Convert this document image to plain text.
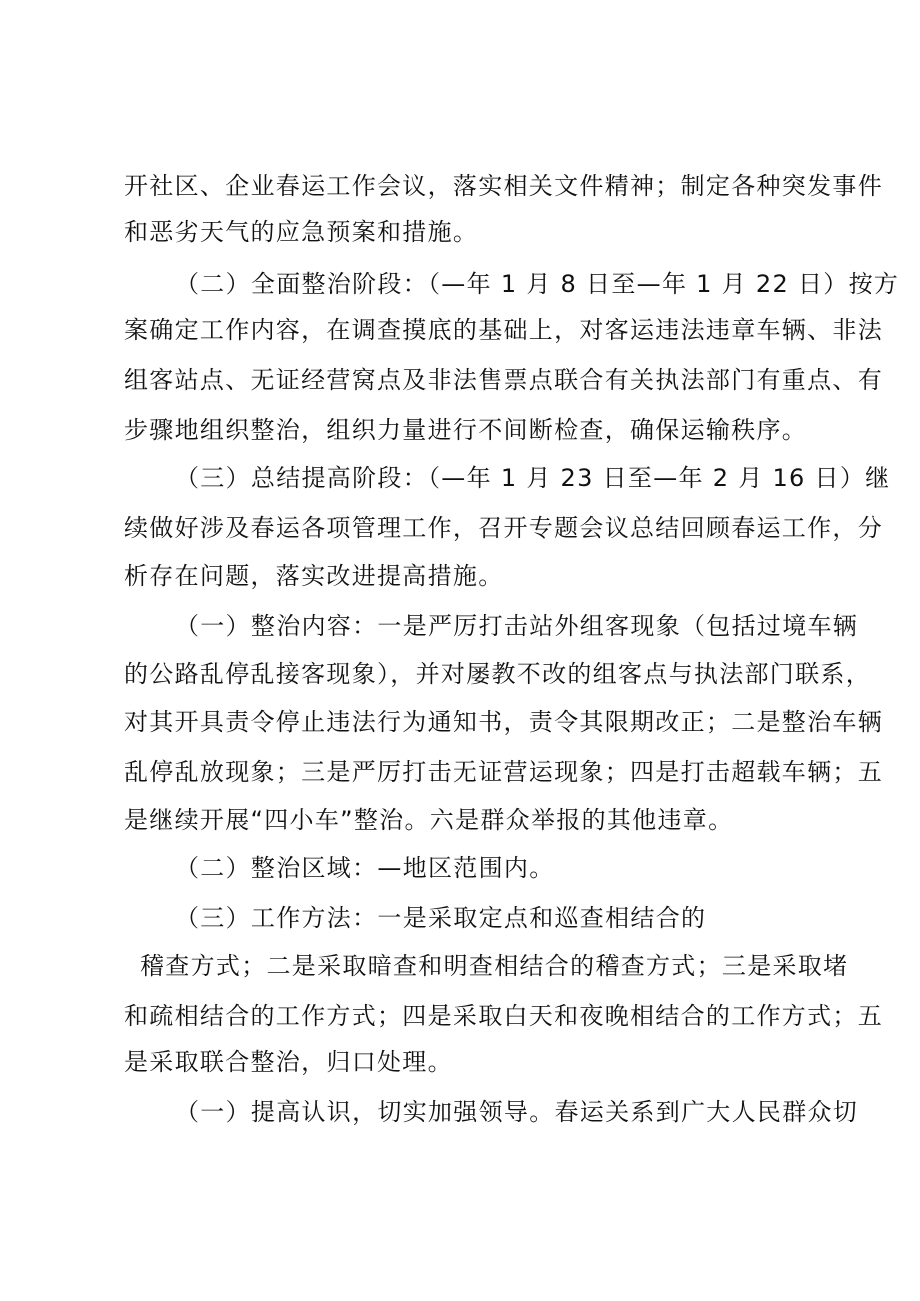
开社区、企业春运工作会议，落实相关文件精神；制定各种突发事件
和恶劣天气的应急预案和措施。
（二）全面整治阶段：（—年 1 月 8 日至—年 1 月 22 日）按方
案确定工作内容，在调查摸底的基础上，对客运违法违章车辆、非法
组客站点、无证经营窝点及非法售票点联合有关执法部门有重点、有
步骤地组织整治，组织力量进行不间断检查，确保运输秩序。
（三）总结提高阶段：（—年 1 月 23 日至—年 2 月 16 日）继
续做好涉及春运各项管理工作，召开专题会议总结回顾春运工作，分
析存在问题，落实改进提高措施。
（一）整治内容：一是严厉打击站外组客现象（包括过境车辆
的公路乱停乱接客现象），并对屡教不改的组客点与执法部门联系，
对其开具责令停止违法行为通知书，责令其限期改正；二是整治车辆
乱停乱放现象；三是严厉打击无证营运现象；四是打击超载车辆；五
是继续开展“四小车”整治。六是群众举报的其他违章。
（二）整治区域：—地区范围内。
（三）工作方法：一是采取定点和巡查相结合的
稽查方式；二是采取暗查和明查相结合的稽查方式；三是采取堵
和疏相结合的工作方式；四是采取白天和夜晚相结合的工作方式；五
是采取联合整治，归口处理。
（一）提高认识，切实加强领导。春运关系到广大人民群众切
